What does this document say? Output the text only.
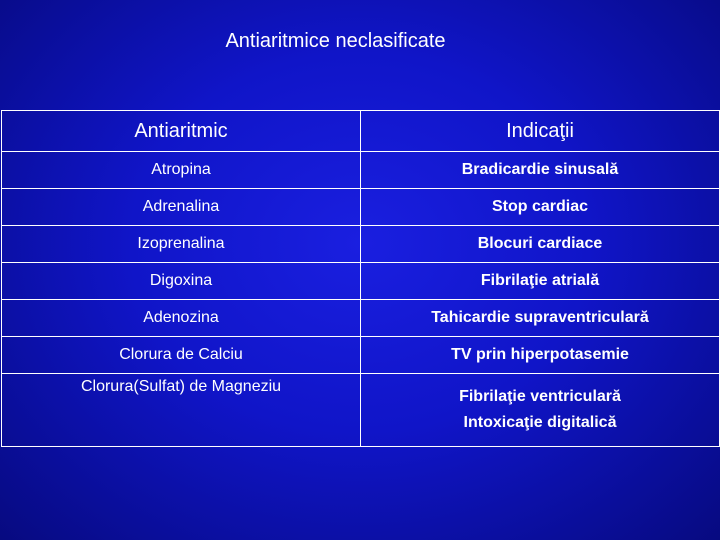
Antiaritmice neclasificate
Antiaritmic	Indicaţii
Atropina	Bradicardie sinusală
Adrenalina	Stop cardiac
Izoprenalina	Blocuri cardiace
Digoxina	Fibrilaţie atrială
Adenozina	Tahicardie supraventriculară
Clorura de Calciu	TV prin hiperpotasemie
Clorura(Sulfat) de Magneziu	Fibrilaţie ventriculară
Intoxicaţie digitalică
